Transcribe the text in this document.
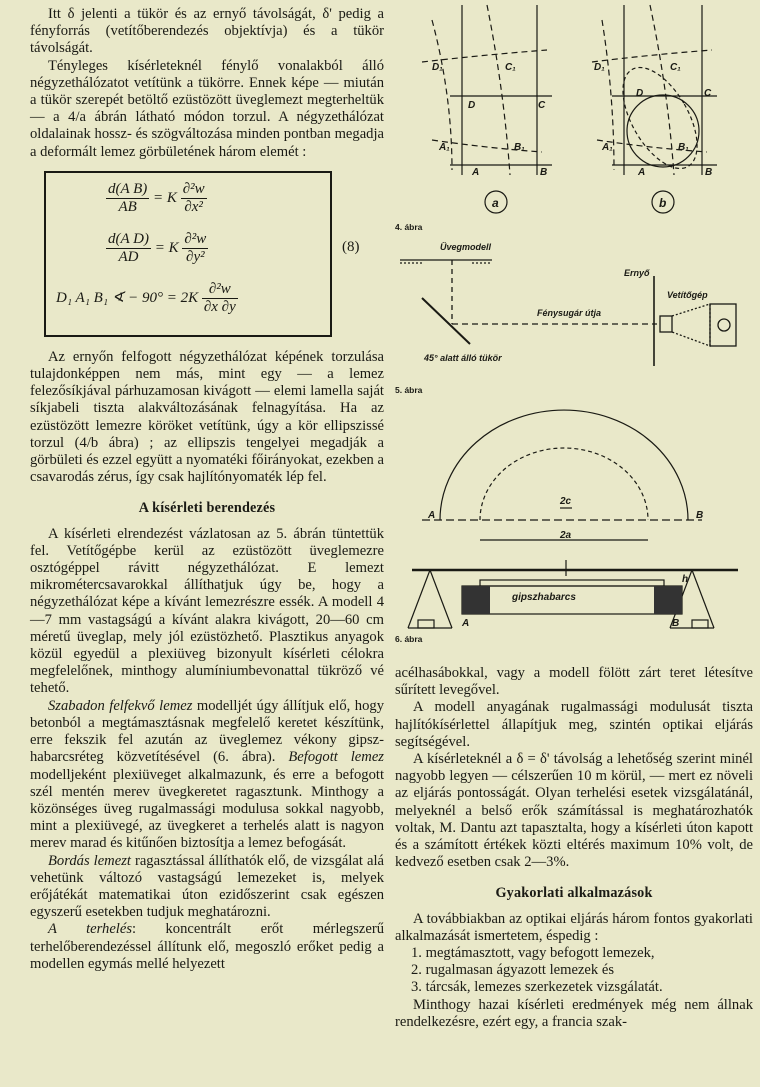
Itt δ jelenti a tükör és az ernyő távolságát, δ' pedig a fényforrás (vetítőberendezés objektívja) és a tükör távolságát.

Tényleges kísérleteknél fénylő vonalakból álló négyzethálózatot vetítünk a tükörre. Ennek képe — miután a tükör szerepét betöltő ezüstözött üveglemezt megterheltük — a 4/a ábrán látható módon torzul. A négyzethálózat oldalainak hossz- és szögváltozása minden pontban megadja a deformált lemez görbületének három elemét :

$\frac{\text{d(A B)}}{AB} = K \frac{\text{∂²w}}{\text{∂x²}}$
$\frac{\text{d(A D)}}{AD} = K \frac{\text{∂²w}}{\text{∂y²}}$
D₁ A₁ B₁ ∢ − $90^\circ = 2K \frac{\text{∂²w}}{\partial x \partial y}$
(8)

Az ernyőn felfogott négyzethálózat képének torzulása tulajdonképpen nem más, mint egy — a lemez felezősíkjával párhuzamosan kivágott — elemi lamella saját síkjabeli tiszta alakváltozásának felnagyítása. Ha az ezüstözött lemezre köröket vetítünk, úgy a kör ellipszissé torzul (4/b ábra) ; az ellipszis tengelyei megadják a görbületi és ezzel együtt a nyomatéki főirányokat, ezekben a csavarodás zérus, így csak hajlítónyomaték lép fel.

A kísérleti berendezés

A kísérleti elrendezést vázlatosan az 5. ábrán tüntettük fel. Vetítőgépbe kerül az ezüstözött üveglemezre osztógéppel rávitt négyzethálózat. E lemezt mikrométercsavarokkal állíthatjuk úgy be, hogy a négyzethálózat képe a kívánt lemezrészre essék. A modell 4—7 mm vastagságú a kívánt alakra kivágott, 20—60 cm méretű üveglap, mely jól ezüstözhető. Plasztikus anyagok közül egyedül a plexiüveg bizonyult kísérleti célokra megfelelőnek, minthogy alumíniumbevonattal tükröző vé tehető.

Szabadon felfekvő lemez modelljét úgy állítjuk elő, hogy betonból a megtámasztásnak megfelelő keretet készítünk, erre fekszik fel azután az üveglemez vékony gipsz-habarcsréteg közvetítésével (6. ábra). Befogott lemez modelljeként plexiüveget alkalmazunk, és erre a befogott szél mentén merev üvegkeretet ragasztunk. Minthogy a közönséges üveg rugalmassági modulusa sokkal nagyobb, mint a plexiüvegé, az üvegkeret a terhelés alatt is nagyon merev marad és kitűnően biztosítja a lemez befogását.

Bordás lemezt ragasztással állíthatók elő, de vizsgálat alá vehetünk változó vastagságú lemezeket is, melyek erőjátékát matematikai úton ezidőszerint csak egészen egyszerű esetekben tudjuk meghatározni.

A terhelés: koncentrált erőt mérlegszerű terhelőberendezéssel állítunk elő, megoszló erőket pedig a modellen egymás mellé helyezett

D₁	C₁
D	C
A₁	B₁
A	B
D₁	C₁
D	C
A₁	B₁
A	B
a	b
4. ábra
Üvegmodell
Ernyő
Vetítőgép
Fénysugár útja
45° alatt álló tükör
5. ábra
A	B
2c
2a
h
gipszhabarcs
A	B
6. ábra

acélhasábokkal, vagy a modell fölött zárt teret létesítve sűrített levegővel.

A modell anyagának rugalmassági modulusát tiszta hajlítókísérlettel állapítjuk meg, szintén optikai eljárás segítségével.

A kísérleteknél a δ = δ' távolság a lehetőség szerint minél nagyobb legyen — célszerűen 10 m körül, — mert ez növeli az eljárás pontosságát. Olyan terhelési esetek vizsgálatánál, melyeknél a belső erők számítással is meghatározhatók voltak, M. Dantu azt tapasztalta, hogy a kísérleti úton kapott és a számított értékek közti eltérés maximum 10% volt, de kedvező esetben csak 2—3%.

Gyakorlati alkalmazások

A továbbiakban az optikai eljárás három fontos gyakorlati alkalmazását ismertetem, éspedig :

1. megtámasztott, vagy befogott lemezek,

2. rugalmasan ágyazott lemezek és

3. tárcsák, lemezes szerkezetek vizsgálatát.

Minthogy hazai kísérleti eredmények még nem állnak rendelkezésre, ezért egy, a francia szak-
